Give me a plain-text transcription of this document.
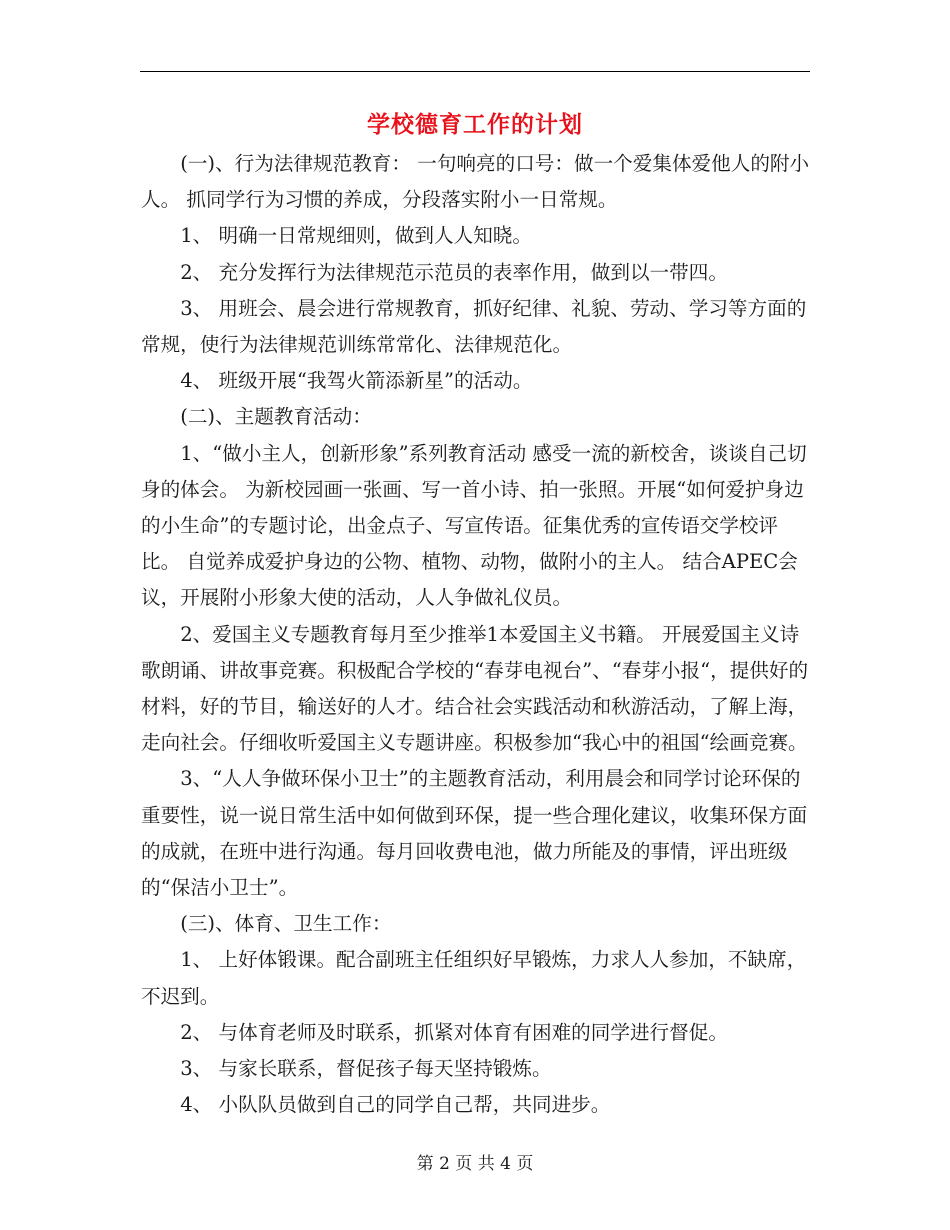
学校德育工作的计划

(一)、行为法律规范教育： 一句响亮的口号：做一个爱集体爱他人的附小人。 抓同学行为习惯的养成，分段落实附小一日常规。

1、 明确一日常规细则，做到人人知晓。

2、 充分发挥行为法律规范示范员的表率作用，做到以一带四。

3、 用班会、晨会进行常规教育，抓好纪律、礼貌、劳动、学习等方面的常规，使行为法律规范训练常常化、法律规范化。

4、 班级开展“我驾火箭添新星”的活动。

(二)、主题教育活动：

1、“做小主人，创新形象”系列教育活动 感受一流的新校舍，谈谈自己切身的体会。 为新校园画一张画、写一首小诗、拍一张照。开展“如何爱护身边的小生命”的专题讨论，出金点子、写宣传语。征集优秀的宣传语交学校评比。 自觉养成爱护身边的公物、植物、动物，做附小的主人。 结合APEC会议，开展附小形象大使的活动，人人争做礼仪员。

2、爱国主义专题教育每月至少推举1本爱国主义书籍。 开展爱国主义诗歌朗诵、讲故事竞赛。积极配合学校的“春芽电视台”、“春芽小报“，提供好的材料，好的节目，输送好的人才。结合社会实践活动和秋游活动，了解上海，走向社会。仔细收听爱国主义专题讲座。积极参加“我心中的祖国“绘画竞赛。

3、“人人争做环保小卫士”的主题教育活动，利用晨会和同学讨论环保的重要性，说一说日常生活中如何做到环保，提一些合理化建议，收集环保方面的成就，在班中进行沟通。每月回收费电池，做力所能及的事情，评出班级的“保洁小卫士”。

(三)、体育、卫生工作：

1、 上好体锻课。配合副班主任组织好早锻炼，力求人人参加，不缺席，不迟到。

2、 与体育老师及时联系，抓紧对体育有困难的同学进行督促。

3、 与家长联系，督促孩子每天坚持锻炼。

4、 小队队员做到自己的同学自己帮，共同进步。

第 2 页 共 4 页
